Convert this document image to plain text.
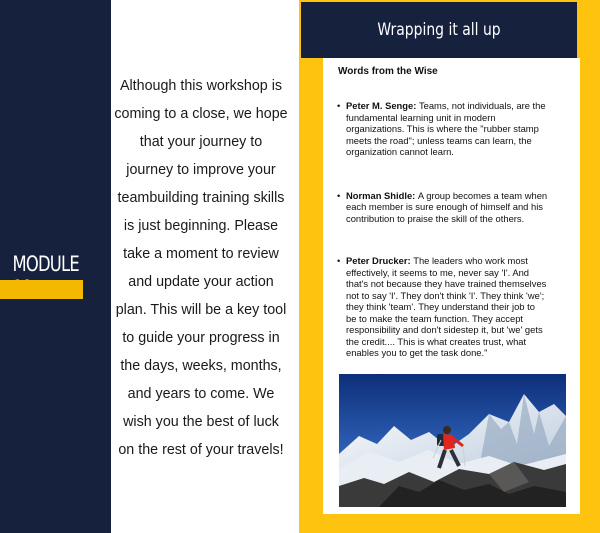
MODULE

Although this workshop is

coming to a close, we hope

that your journey to

journey to improve your

teambuilding training skills

is just beginning. Please

take a moment to review

and update your action

plan. This will be a key tool

to guide your progress in

the days, weeks, months,

and years to come. We

wish you the best of luck

on the rest of your travels!

Wrapping it all up
Words from the Wise
• Peter M. Senge: Teams, not individuals, are the
fundamental learning unit in modern
organizations. This is where the "rubber stamp
meets the road"; unless teams can learn, the
organization cannot learn.
• Norman Shidle: A group becomes a team when
each member is sure enough of himself and his
contribution to praise the skill of the others.
• Peter Drucker: The leaders who work most
effectively, it seems to me, never say 'I'. And
that's not because they have trained themselves
not to say 'I'. They don't think 'I'. They think 'we';
they think 'team'. They understand their job to
be to make the team function. They accept
responsibility and don't sidestep it, but 'we' gets
the credit.... This is what creates trust, what
enables you to get the task done."
